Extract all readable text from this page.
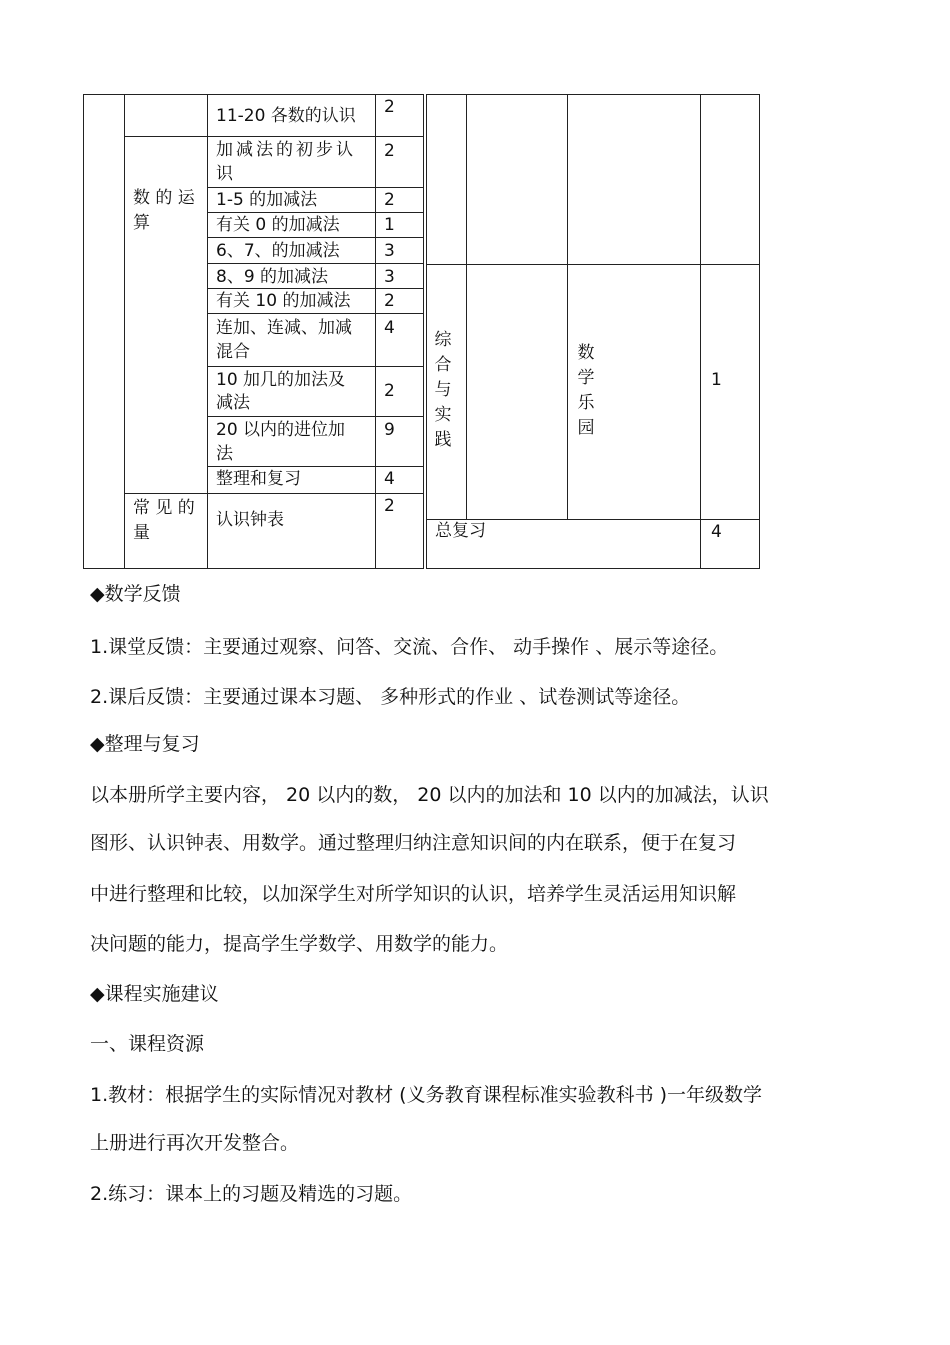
数 的 运
算
常 见 的
量
11-20 各数的认识
加减法的初步认
识
1-5 的加减法
有关 0 的加减法
6、7、的加减法
8、9 的加减法
有关 10 的加减法
连加、连减、加减
混合
10 加几的加法及
减法
20 以内的进位加
法
整理和复习
认识钟表
2
2
2
1
3
3
2
4
2
9
4
2
综
合
与
实
践
数
学
乐
园
1
总复习	4
◆数学反馈
1.课堂反馈：主要通过观察、问答、交流、合作、 动手操作 、展示等途径。
2.课后反馈：主要通过课本习题、 多种形式的作业 、试卷测试等途径。
◆整理与复习
以本册所学主要内容， 20 以内的数， 20 以内的加法和 10 以内的加减法，认识
图形、认识钟表、用数学。通过整理归纳注意知识间的内在联系，便于在复习
中进行整理和比较，以加深学生对所学知识的认识，培养学生灵活运用知识解
决问题的能力，提高学生学数学、用数学的能力。
◆课程实施建议
一、课程资源
1.教材：根据学生的实际情况对教材 (义务教育课程标准实验教科书 )一年级数学
上册进行再次开发整合。
2.练习：课本上的习题及精选的习题。
